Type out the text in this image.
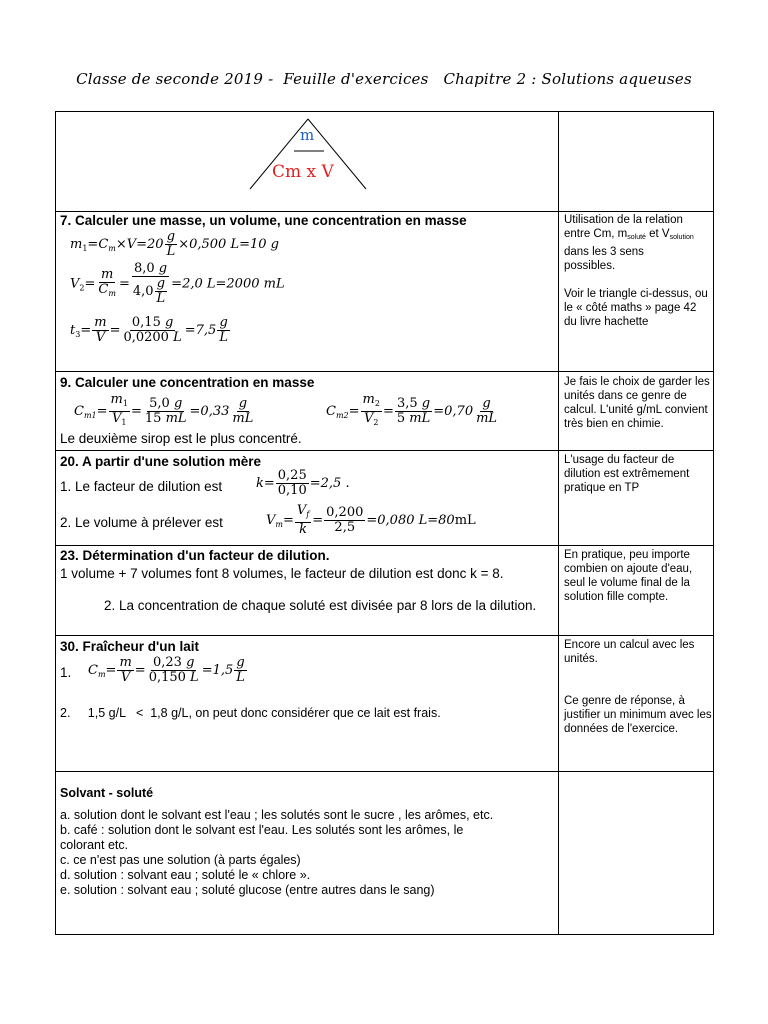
Classe de seconde 2019 -  Feuille d'exercices   Chapitre 2 : Solutions aqueuses
m
Cm x V
7. Calculer une masse, un volume, une concentration en masse
$m_1=C_m\times V=20 \frac{g}{L} \times 0,500$ L=10 g
$V_2= \frac{m}{C_m} = \frac{8,0 g}{4,0 \frac{g}{L}} =2,0$ L=2000 mL
$t_3= \frac{m}{V} = \frac{0,15 g}{0,0200 L} =7,5 \frac{g}{L}$

Utilisation de la relation

entre Cm, msoluté et Vsolution

dans les 3 sens

possibles.

Voir le triangle ci-dessus, ou le « côté maths » page 42 du livre hachette

9. Calculer une concentration en masse
$C_{m1}= \frac{m_1}{V_1} = \frac{5,0 g}{15 mL} =0,33 \frac{g}{mL}$	$C_{m2}= \frac{m_2}{V_2} = \frac{3,5 g}{5 mL} =0,70 \frac{g}{mL}$
Le deuxième sirop est le plus concentré.
Je fais le choix de garder les unités dans ce genre de calcul. L'unité g/mL convient très bien en chimie.
20. A partir d'une solution mère
1. Le facteur de dilution est	$k= \frac{0,25}{0,10} =2,5$ .
2. Le volume à prélever est	$V_m= \frac{V_f}{k} = \frac{0,200}{2,5} =0,080$ L=80mL
L'usage du facteur de dilution est extrêmement pratique en TP
23. Détermination d'un facteur de dilution.
1 volume + 7 volumes font 8 volumes, le facteur de dilution est donc k = 8.
2. La concentration de chaque soluté est divisée par 8 lors de la dilution.
En pratique, peu importe combien on ajoute d'eau, seul le volume final de la solution fille compte.
30. Fraîcheur d'un lait
1. $C_m= \frac{m}{V} = \frac{0,23 g}{0,150 L} =1,5 \frac{g}{L}$
2.     1,5 g/L   <  1,8 g/L, on peut donc considérer que ce lait est frais.
Encore un calcul avec les unités.
Ce genre de réponse, à justifier un minimum avec les données de l'exercice.
Solvant - soluté
a. solution dont le solvant est l'eau ; les solutés sont le sucre , les arômes, etc.
b. café : solution dont le solvant est l'eau. Les solutés sont les arômes, le
colorant etc.
c. ce n'est pas une solution (à parts égales)
d. solution : solvant eau ; soluté le « chlore ».
e. solution : solvant eau ; soluté glucose (entre autres dans le sang)
